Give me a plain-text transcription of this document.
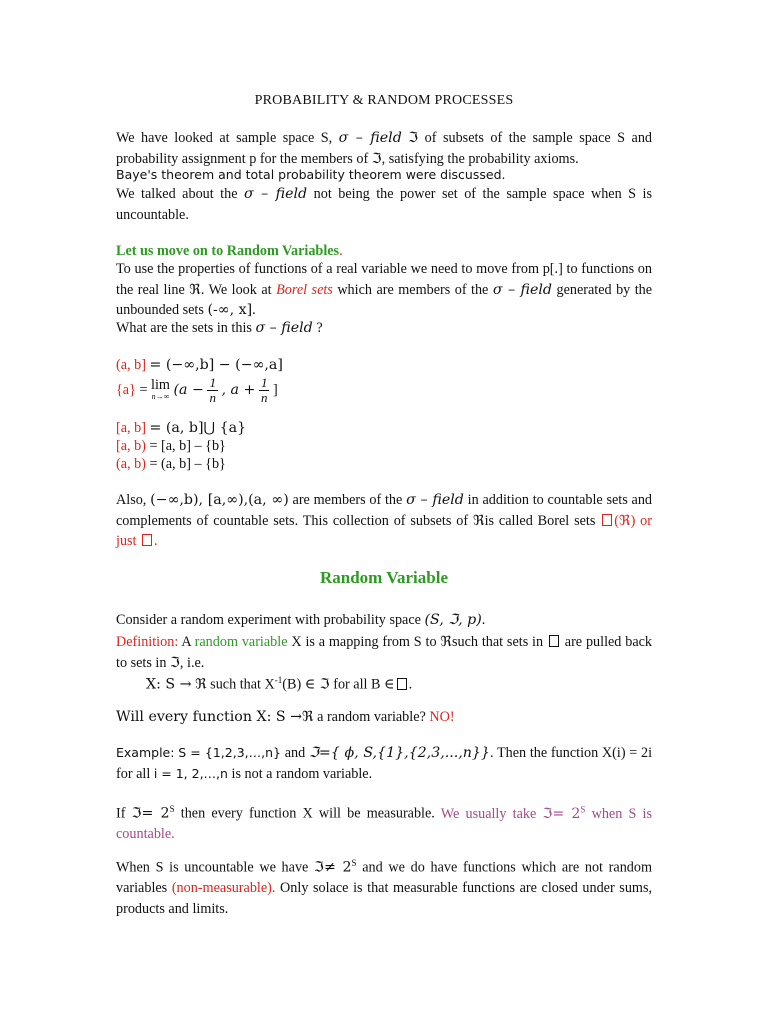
PROBABILITY & RANDOM PROCESSES
We have looked at sample space S, σ – field ℑ of subsets of the sample space S and probability assignment p for the members of ℑ, satisfying the probability axioms.
Baye's theorem and total probability theorem were discussed.
We talked about the σ – field not being the power set of the sample space when S is uncountable.
Let us move on to Random Variables.
To use the properties of functions of a real variable we need to move from p[.] to functions on the real line ℜ. We look at Borel sets which are members of the σ – field generated by the unbounded sets (-∞, x].
What are the sets in this σ – field ?
(a, b] = (−∞,b] − (−∞,a]
{a} = lim
n→∞ ($a - \frac{1}{n}$ , $a + \frac{1}{n}$ ]
[a, b] = (a, b]⋃ {a}
[a, b) = [a, b] – {b}
(a, b) = (a, b] – {b}
Also, (−∞,b), [a,∞),(a, ∞) are members of the σ – field in addition to countable sets and complements of countable sets. This collection of subsets of ℜis called Borel sets (ℜ) or just .
Random Variable
Consider a random experiment with probability space (S, ℑ, p).
Definition: A random variable X is a mapping from S to ℜsuch that sets in are pulled back to sets in ℑ, i.e.
X: S → ℜ such that $X^{-1}(B)$ ∈ ℑ for all B ∈ .
Will every function X: S →ℜ a random variable? NO!
Example: S = {1,2,3,…,n} and ℑ={ ϕ, S,{1},{2,3,...,n}}. Then the function X(i) = 2i for all i = 1, 2,…,n is not a random variable.
If ℑ= $2^S$ then every function X will be measurable. We usually take ℑ= $2^S$ when S is countable.
When S is uncountable we have ℑ≠ $2^S$ and we do have functions which are not random variables (non-measurable). Only solace is that measurable functions are closed under sums, products and limits.
